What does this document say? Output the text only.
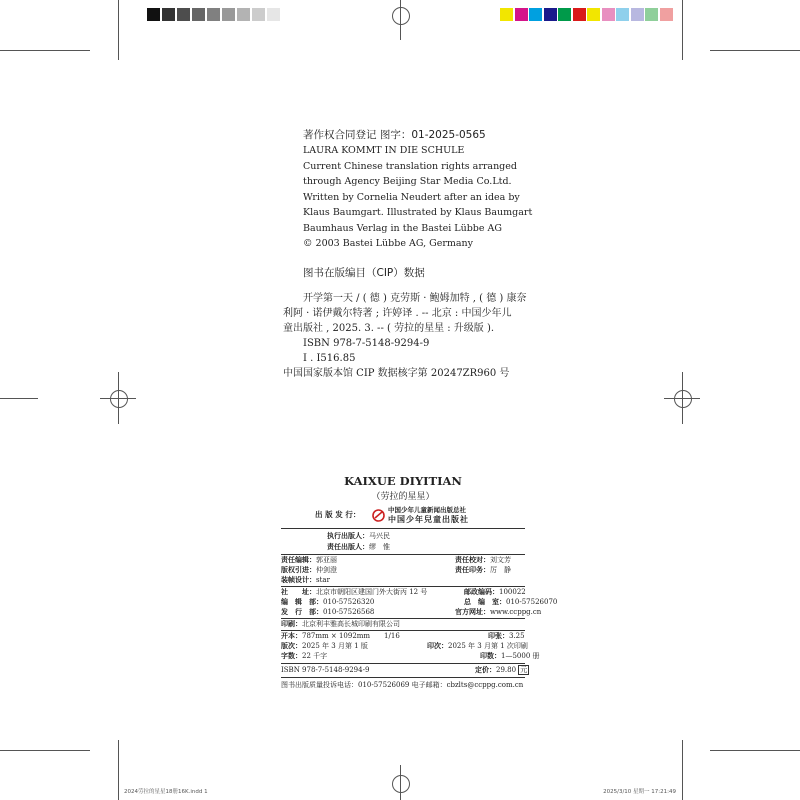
著作权合同登记 图字：01-2025-0565
LAURA KOMMT IN DIE SCHULE
Current Chinese translation rights arranged
through Agency Beijing Star Media Co.Ltd.
Written by Cornelia Neudert after an idea by
Klaus Baumgart. Illustrated by Klaus Baumgart
Baumhaus Verlag in the Bastei Lübbe AG
© 2003 Bastei Lübbe AG, Germany
图书在版编目（CIP）数据
开学第一天 / ( 德 ) 克劳斯 · 鲍姆加特 , ( 德 ) 康奈
利阿 · 诺伊戴尔特著 ; 许婷译 . -- 北京 : 中国少年儿
童出版社 , 2025. 3. -- ( 劳拉的星星 : 升级版 ).
ISBN 978-7-5148-9294-9
Ⅰ . I516.85
中国国家版本馆 CIP 数据核字第 20247ZR960 号
KAIXUE DIYITIAN
（劳拉的星星）
出 版 发 行：	中国少年儿童新闻出版总社
中国少年兒童出版社
执行出版人：马兴民
责任出版人：缪　惟
责任编辑：郭亚丽	责任校对：刘文芳
版权引进：仲剑澄	责任印务：厉　静
装帧设计：star
社　　址：北京市朝阳区建国门外大街丙 12 号	邮政编码：100022
编　辑　部：010-57526320	总　编　室：010-57526070
发　行　部：010-57526568	官方网址：www.ccppg.cn
印刷：北京利丰雅高长城印刷有限公司
开本：787mm × 1092mm 1/16	印张：3.25
版次：2025 年 3 月第 1 版	印次：2025 年 3 月第 1 次印刷
字数：22 千字	印数：1—5000 册
ISBN 978-7-5148-9294-9	定价：29.80 元
图书出版质量投诉电话：010-57526069 电子邮箱：cbzlts@ccppg.com.cn
2024劳拉的星星18册16K.indd 1	2025/3/10 星期一 17:21:49
